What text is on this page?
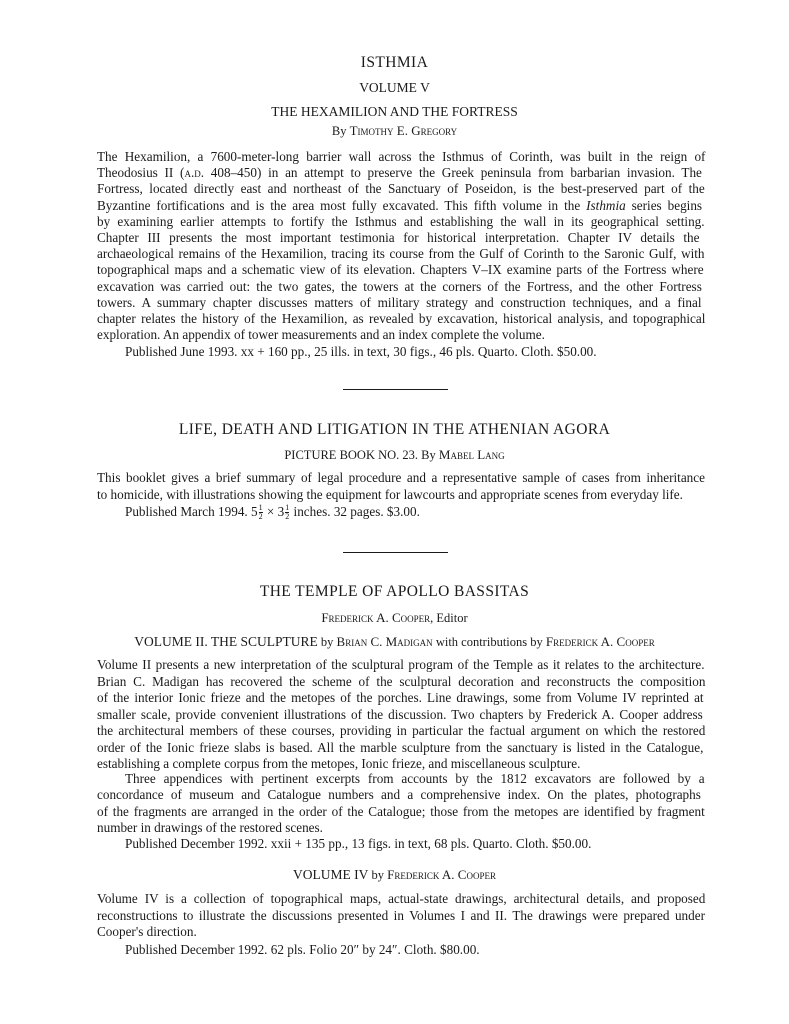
ISTHMIA
VOLUME V
THE HEXAMILION AND THE FORTRESS
By Timothy E. Gregory
The Hexamilion, a 7600-meter-long barrier wall across the Isthmus of Corinth, was built in the reign of
Theodosius II (a.d. 408–450) in an attempt to preserve the Greek peninsula from barbarian invasion. The
Fortress, located directly east and northeast of the Sanctuary of Poseidon, is the best-preserved part of the
Byzantine fortifications and is the area most fully excavated. This fifth volume in the Isthmia series begins
by examining earlier attempts to fortify the Isthmus and establishing the wall in its geographical setting.
Chapter III presents the most important testimonia for historical interpretation. Chapter IV details the
archaeological remains of the Hexamilion, tracing its course from the Gulf of Corinth to the Saronic Gulf, with
topographical maps and a schematic view of its elevation. Chapters V–IX examine parts of the Fortress where
excavation was carried out: the two gates, the towers at the corners of the Fortress, and the other Fortress
towers. A summary chapter discusses matters of military strategy and construction techniques, and a final
chapter relates the history of the Hexamilion, as revealed by excavation, historical analysis, and topographical
exploration. An appendix of tower measurements and an index complete the volume.
Published June 1993. xx + 160 pp., 25 ills. in text, 30 figs., 46 pls. Quarto. Cloth. $50.00.
LIFE, DEATH AND LITIGATION IN THE ATHENIAN AGORA
PICTURE BOOK NO. 23. By Mabel Lang
This booklet gives a brief summary of legal procedure and a representative sample of cases from inheritance
to homicide, with illustrations showing the equipment for lawcourts and appropriate scenes from everyday life.
Published March 1994. $5 \frac{1}{2} \times 3 \frac{1}{2}$ inches. 32 pages. $3.00.
THE TEMPLE OF APOLLO BASSITAS
Frederick A. Cooper, Editor
VOLUME II. THE SCULPTURE by Brian C. Madigan with contributions by Frederick A. Cooper
Volume II presents a new interpretation of the sculptural program of the Temple as it relates to the architecture.
Brian C. Madigan has recovered the scheme of the sculptural decoration and reconstructs the composition
of the interior Ionic frieze and the metopes of the porches. Line drawings, some from Volume IV reprinted at
smaller scale, provide convenient illustrations of the discussion. Two chapters by Frederick A. Cooper address
the architectural members of these courses, providing in particular the factual argument on which the restored
order of the Ionic frieze slabs is based. All the marble sculpture from the sanctuary is listed in the Catalogue,
establishing a complete corpus from the metopes, Ionic frieze, and miscellaneous sculpture.
Three appendices with pertinent excerpts from accounts by the 1812 excavators are followed by a
concordance of museum and Catalogue numbers and a comprehensive index. On the plates, photographs
of the fragments are arranged in the order of the Catalogue; those from the metopes are identified by fragment
number in drawings of the restored scenes.
Published December 1992. xxii + 135 pp., 13 figs. in text, 68 pls. Quarto. Cloth. $50.00.
VOLUME IV by Frederick A. Cooper
Volume IV is a collection of topographical maps, actual-state drawings, architectural details, and proposed
reconstructions to illustrate the discussions presented in Volumes I and II. The drawings were prepared under
Cooper's direction.
Published December 1992. 62 pls. Folio 20″ by 24″. Cloth. $80.00.
